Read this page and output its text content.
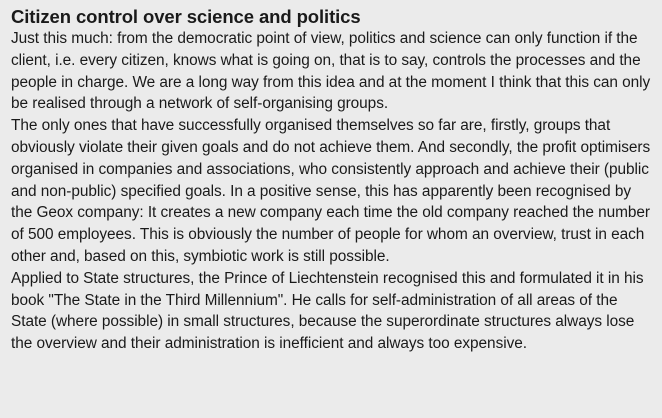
Citizen control over science and politics

Just this much: from the democratic point of view, politics and science can only function if the client, i.e. every citizen, knows what is going on, that is to say, controls the processes and the people in charge. We are a long way from this idea and at the moment I think that this can only be realised through a network of self-organising groups.

The only ones that have successfully organised themselves so far are, firstly, groups that obviously violate their given goals and do not achieve them. And secondly, the profit optimisers organised in companies and associations, who consistently approach and achieve their (public and non-public) specified goals. In a positive sense, this has apparently been recognised by the Geox company: It creates a new company each time the old company reached the number of 500 employees. This is obviously the number of people for whom an overview, trust in each other and, based on this, symbiotic work is still possible.

Applied to State structures, the Prince of Liechtenstein recognised this and formulated it in his book "The State in the Third Millennium". He calls for self-administration of all areas of the State (where possible) in small structures, because the superordinate structures always lose the overview and their administration is inefficient and always too expensive.
